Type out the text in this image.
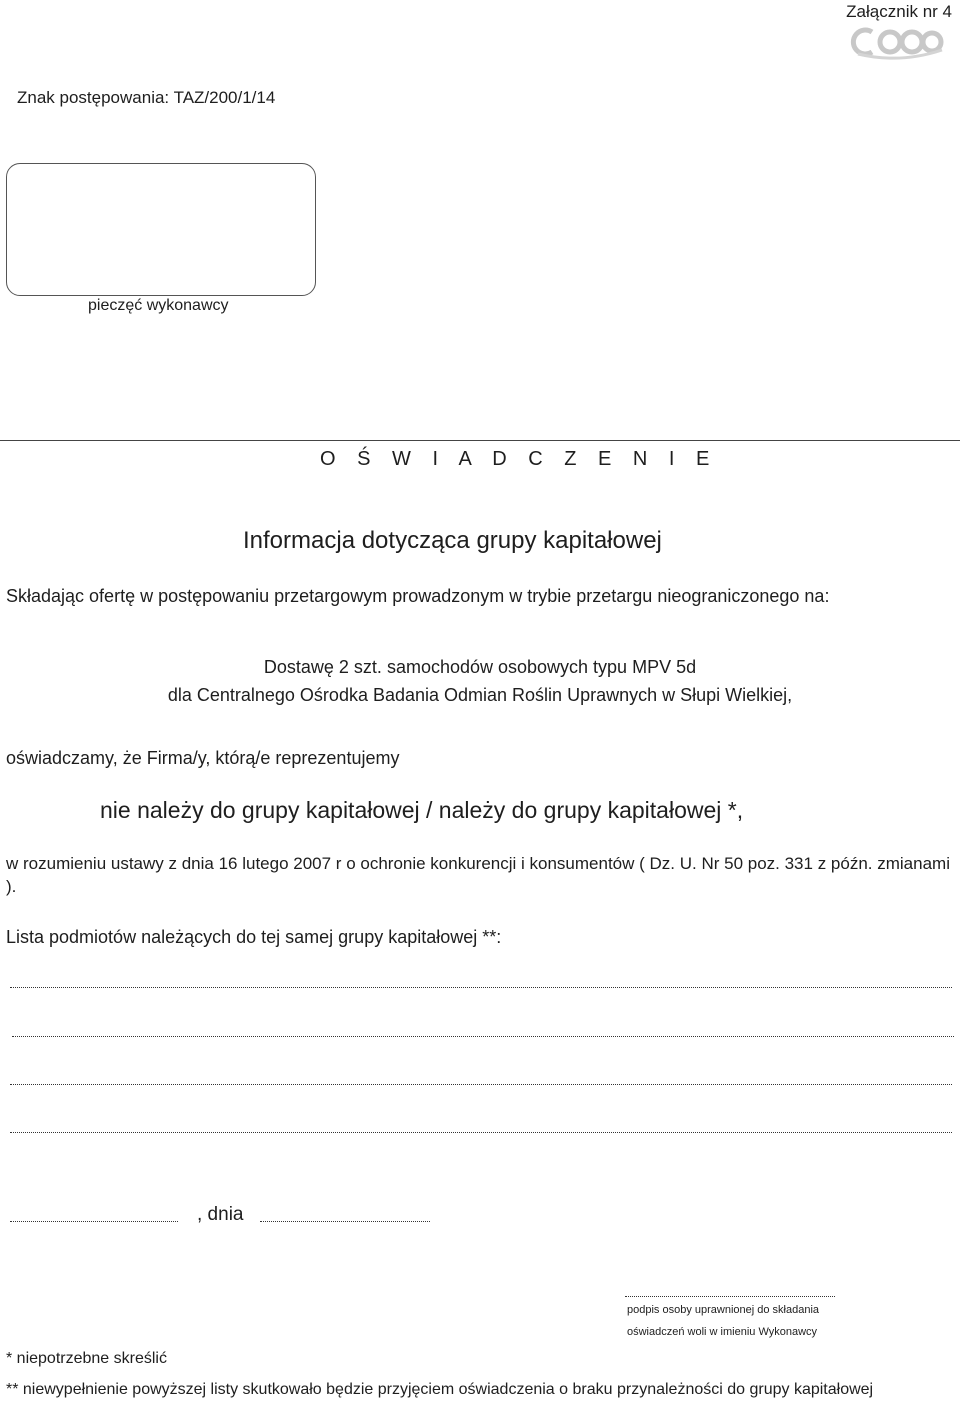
Załącznik nr 4
Znak postępowania: TAZ/200/1/14
pieczęć wykonawcy
O Ś W I A D C Z E N I E
Informacja dotycząca grupy kapitałowej
Składając ofertę w postępowaniu przetargowym prowadzonym w trybie przetargu nieograniczonego na:
Dostawę 2 szt. samochodów osobowych typu MPV 5d
dla Centralnego Ośrodka Badania Odmian Roślin Uprawnych w Słupi Wielkiej,
oświadczamy, że Firma/y, którą/e reprezentujemy
nie należy do grupy kapitałowej / należy do grupy kapitałowej *,
w rozumieniu ustawy z dnia 16 lutego 2007 r o ochronie konkurencji i konsumentów ( Dz. U. Nr 50 poz. 331 z późn. zmianami ).
Lista podmiotów należących do tej samej grupy kapitałowej **:
, dnia
podpis osoby uprawnionej do składania
oświadczeń woli w imieniu Wykonawcy
* niepotrzebne skreślić
** niewypełnienie powyższej listy skutkowało będzie przyjęciem oświadczenia o braku przynależności do grupy kapitałowej
